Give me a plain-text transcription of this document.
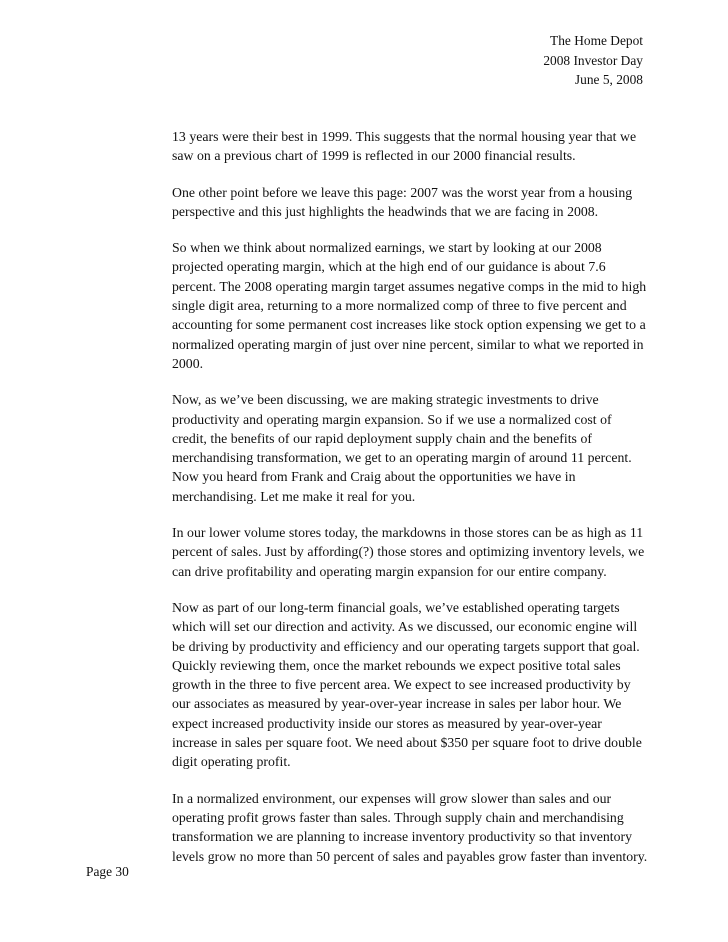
The Home Depot
2008 Investor Day
June 5, 2008

13 years were their best in 1999. This suggests that the normal housing year that we saw on a previous chart of 1999 is reflected in our 2000 financial results.

One other point before we leave this page: 2007 was the worst year from a housing perspective and this just highlights the headwinds that we are facing in 2008.

So when we think about normalized earnings, we start by looking at our 2008 projected operating margin, which at the high end of our guidance is about 7.6 percent. The 2008 operating margin target assumes negative comps in the mid to high single digit area, returning to a more normalized comp of three to five percent and accounting for some permanent cost increases like stock option expensing we get to a normalized operating margin of just over nine percent, similar to what we reported in 2000.

Now, as we’ve been discussing, we are making strategic investments to drive productivity and operating margin expansion. So if we use a normalized cost of credit, the benefits of our rapid deployment supply chain and the benefits of merchandising transformation, we get to an operating margin of around 11 percent. Now you heard from Frank and Craig about the opportunities we have in merchandising. Let me make it real for you.

In our lower volume stores today, the markdowns in those stores can be as high as 11 percent of sales. Just by affording(?) those stores and optimizing inventory levels, we can drive profitability and operating margin expansion for our entire company.

Now as part of our long-term financial goals, we’ve established operating targets which will set our direction and activity. As we discussed, our economic engine will be driving by productivity and efficiency and our operating targets support that goal. Quickly reviewing them, once the market rebounds we expect positive total sales growth in the three to five percent area. We expect to see increased productivity by our associates as measured by year-over-year increase in sales per labor hour. We expect increased productivity inside our stores as measured by year-over-year increase in sales per square foot. We need about $350 per square foot to drive double digit operating profit.

In a normalized environment, our expenses will grow slower than sales and our operating profit grows faster than sales. Through supply chain and merchandising transformation we are planning to increase inventory productivity so that inventory levels grow no more than 50 percent of sales and payables grow faster than inventory.

Page 30
